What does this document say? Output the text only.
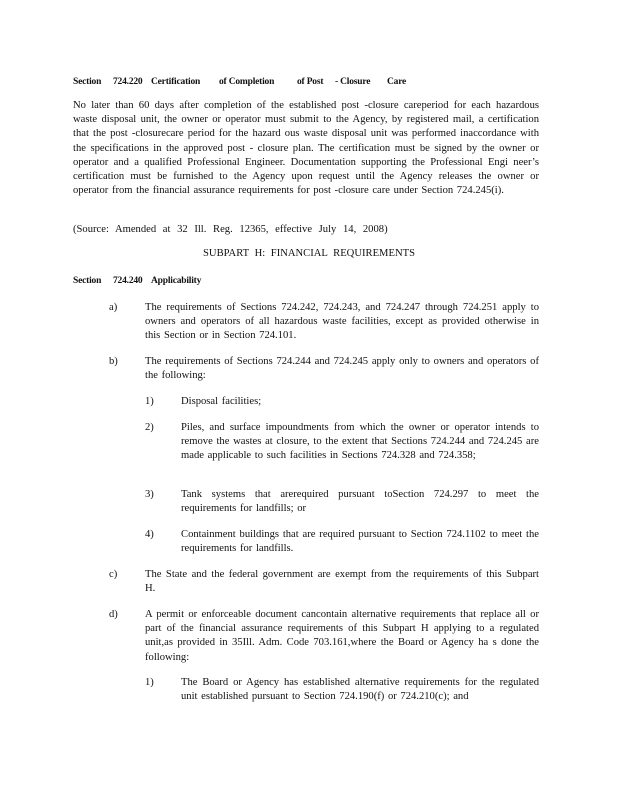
Section 724.220 Certification of Completion of Post - Closure Care
No later than 60 days after completion of the established post -closure careperiod for each hazardous waste disposal unit, the owner or operator must submit to the Agency, by registered mail, a certification that the post -closurecare period for the hazard ous waste disposal unit was performed inaccordance with the specifications in the approved post - closure plan. The certification must be signed by the owner or operator and a qualified Professional Engineer. Documentation supporting the Professional Engi neer’s certification must be furnished to the Agency upon request until the Agency releases the owner or operator from the financial assurance requirements for post -closure care under Section 724.245(i).
(Source: Amended at 32 Ill. Reg. 12365, effective July 14, 2008)
SUBPART H: FINANCIAL REQUIREMENTS
Section 724.240 Applicability
a)	The requirements of Sections 724.242, 724.243, and 724.247 through 724.251 apply to owners and operators of all hazardous waste facilities, except as provided otherwise in this Section or in Section 724.101.
b)	The requirements of Sections 724.244 and 724.245 apply only to owners and operators of the following:
1)	Disposal facilities;
2)	Piles, and surface impoundments from which the owner or operator intends to remove the wastes at closure, to the extent that Sections 724.244 and 724.245 are made applicable to such facilities in Sections 724.328 and 724.358;
3)	Tank systems that arerequired pursuant toSection 724.297 to meet the requirements for landfills; or
4)	Containment buildings that are required pursuant to Section 724.1102 to meet the requirements for landfills.
c)	The State and the federal government are exempt from the requirements of this Subpart H.
d)	A permit or enforceable document cancontain alternative requirements that replace all or part of the financial assurance requirements of this Subpart H applying to a regulated unit,as provided in 35Ill. Adm. Code 703.161,where the Board or Agency ha s done the following:
1)	The Board or Agency has established alternative requirements for the regulated unit established pursuant to Section 724.190(f) or 724.210(c); and
